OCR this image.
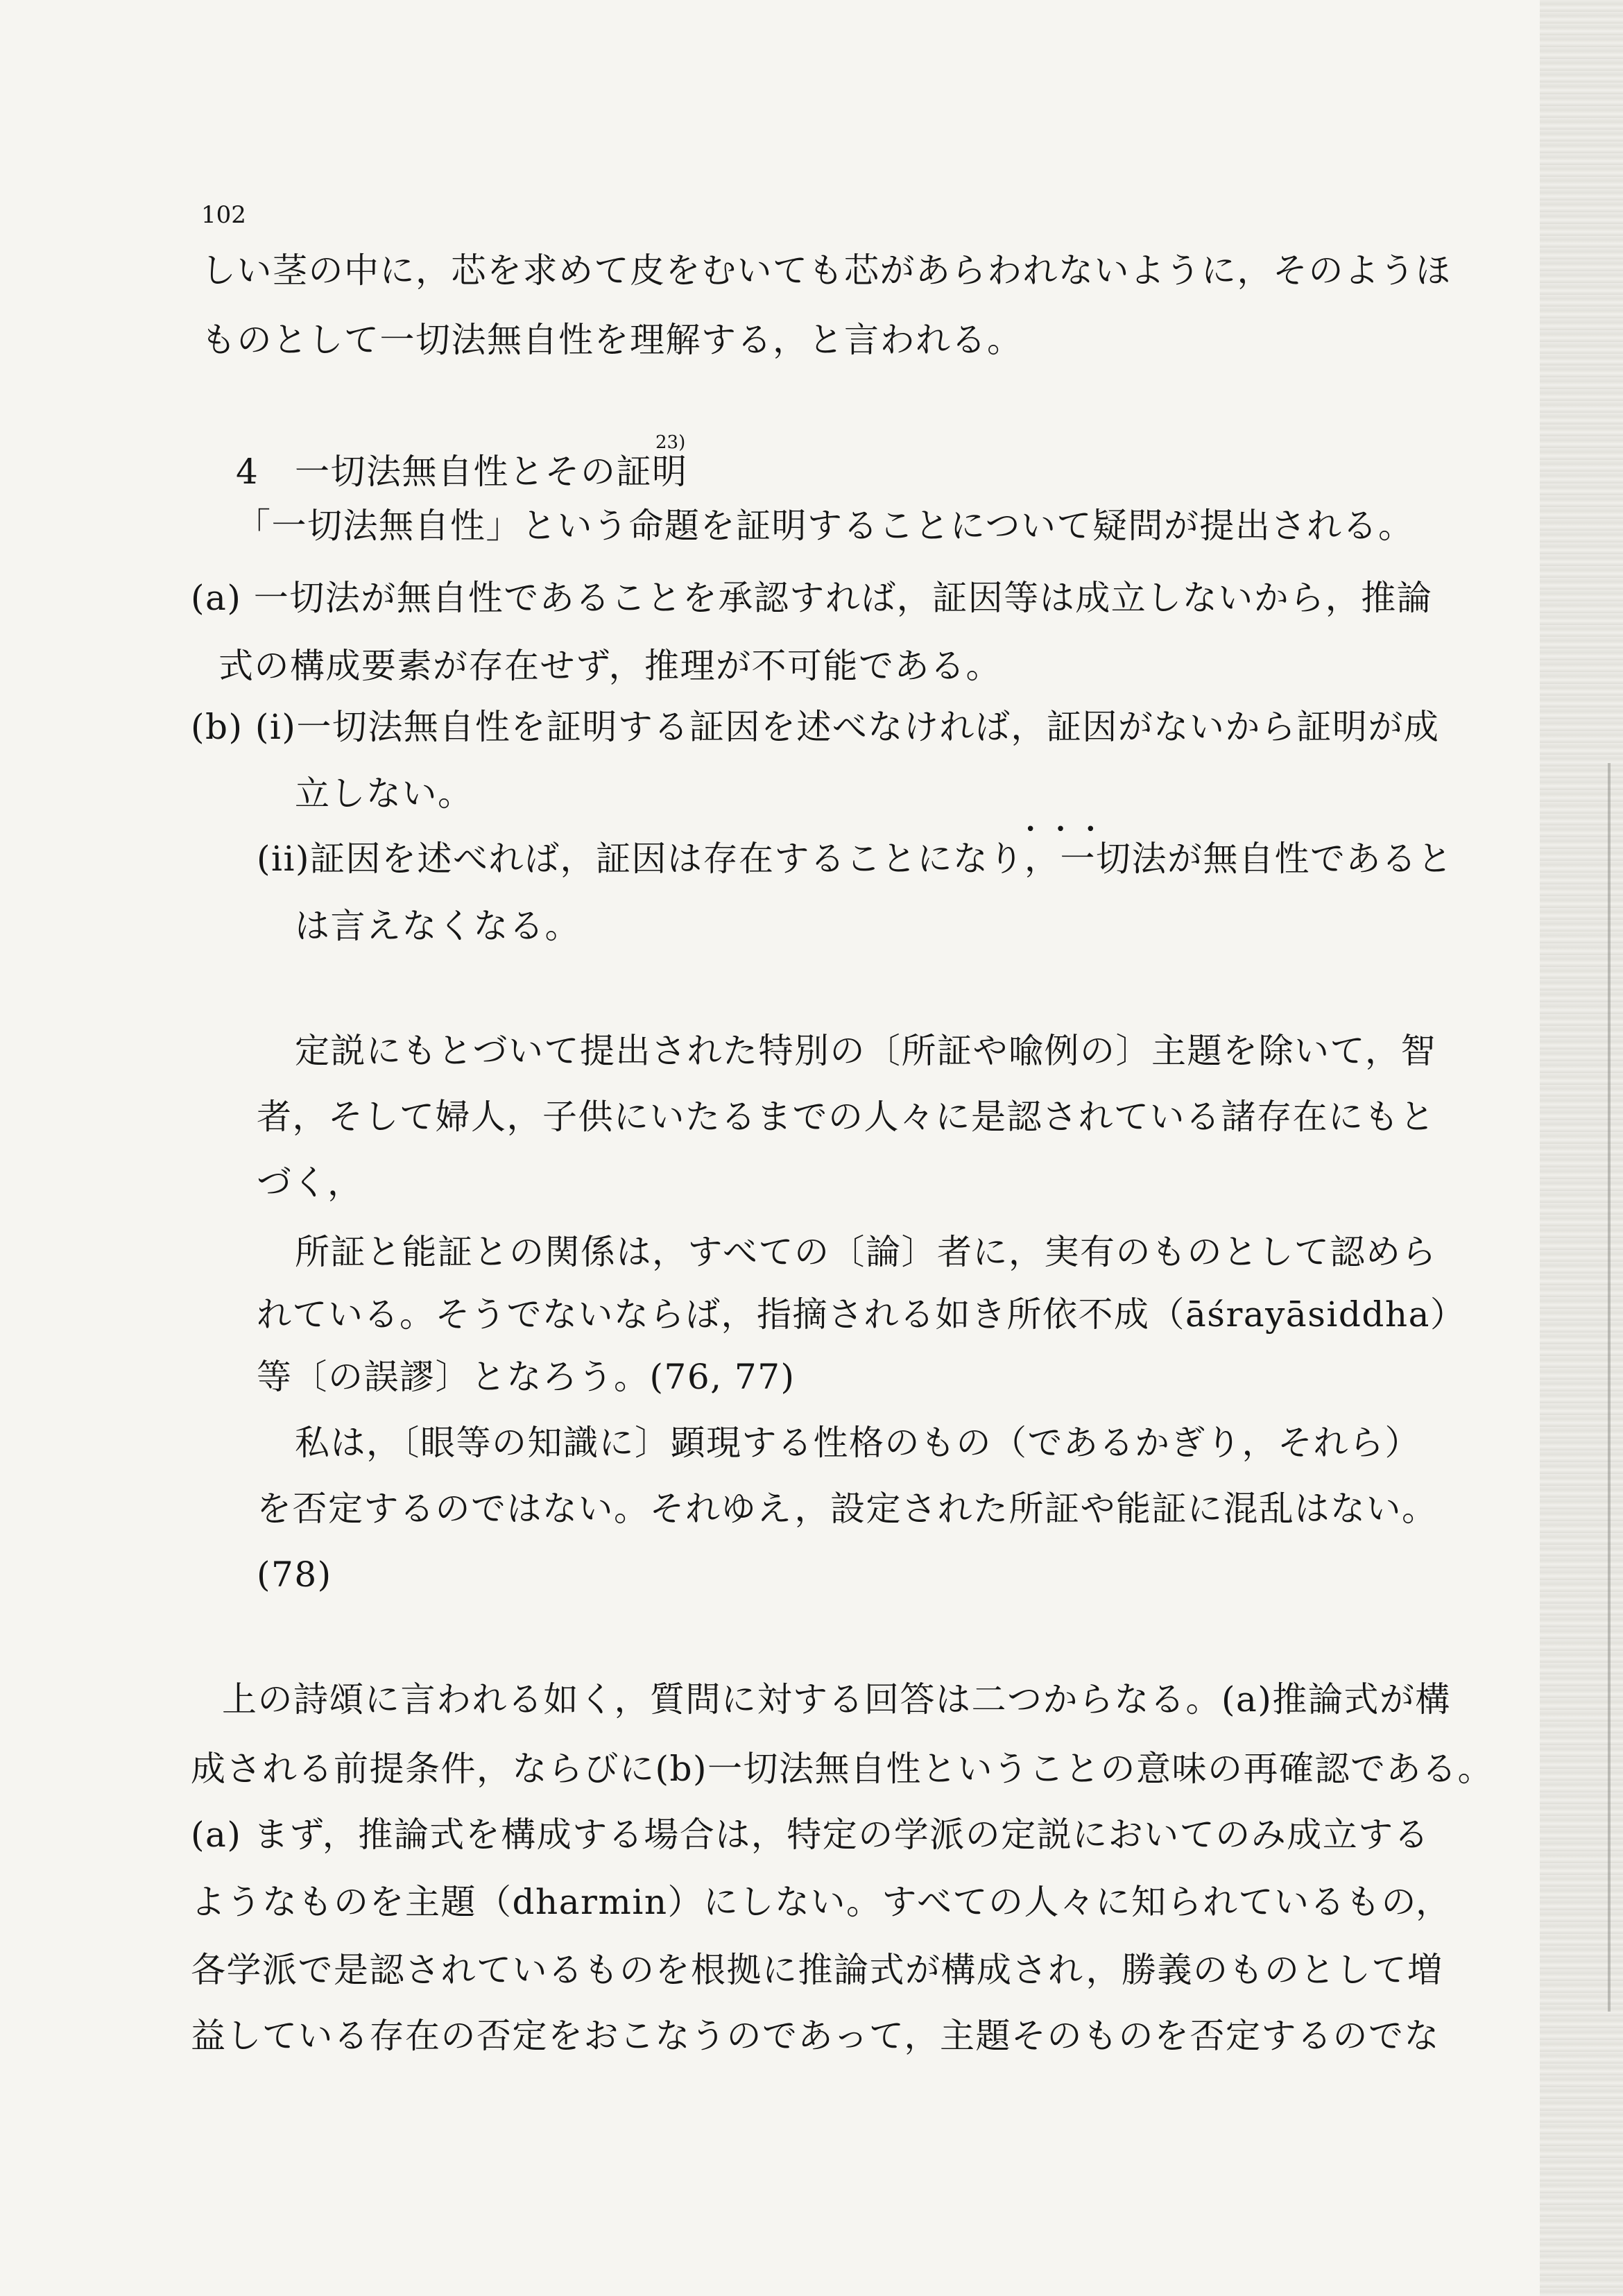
102
しい茎の中に，芯を求めて皮をむいても芯があらわれないように，そのようほ
ものとして一切法無自性を理解する，と言われる。
4 一切法無自性とその証明
23)
「一切法無自性」という命題を証明することについて疑問が提出される。
(a) 一切法が無自性であることを承認すれば，証因等は成立しないから，推論
式の構成要素が存在せず，推理が不可能である。
(b) (i)一切法無自性を証明する証因を述べなければ，証因がないから証明が成
立しない。
•••
(ii)証因を述べれば，証因は存在することになり，一切法が無自性であると
は言えなくなる。
定説にもとづいて提出された特別の〔所証や喩例の〕主題を除いて，智
者，そして婦人，子供にいたるまでの人々に是認されている諸存在にもと
づく，
所証と能証との関係は，すべての〔論〕者に，実有のものとして認めら
れている。そうでないならば，指摘される如き所依不成（āśrayāsiddha）
等〔の誤謬〕となろう。(76, 77)
私は，〔眼等の知識に〕顕現する性格のもの（であるかぎり，それら）
を否定するのではない。それゆえ，設定された所証や能証に混乱はない。
(78)
上の詩頌に言われる如く，質問に対する回答は二つからなる。(a)推論式が構
成される前提条件，ならびに(b)一切法無自性ということの意味の再確認である。
(a) まず，推論式を構成する場合は，特定の学派の定説においてのみ成立する
ようなものを主題（dharmin）にしない。すべての人々に知られているもの，
各学派で是認されているものを根拠に推論式が構成され，勝義のものとして増
益している存在の否定をおこなうのであって，主題そのものを否定するのでな
